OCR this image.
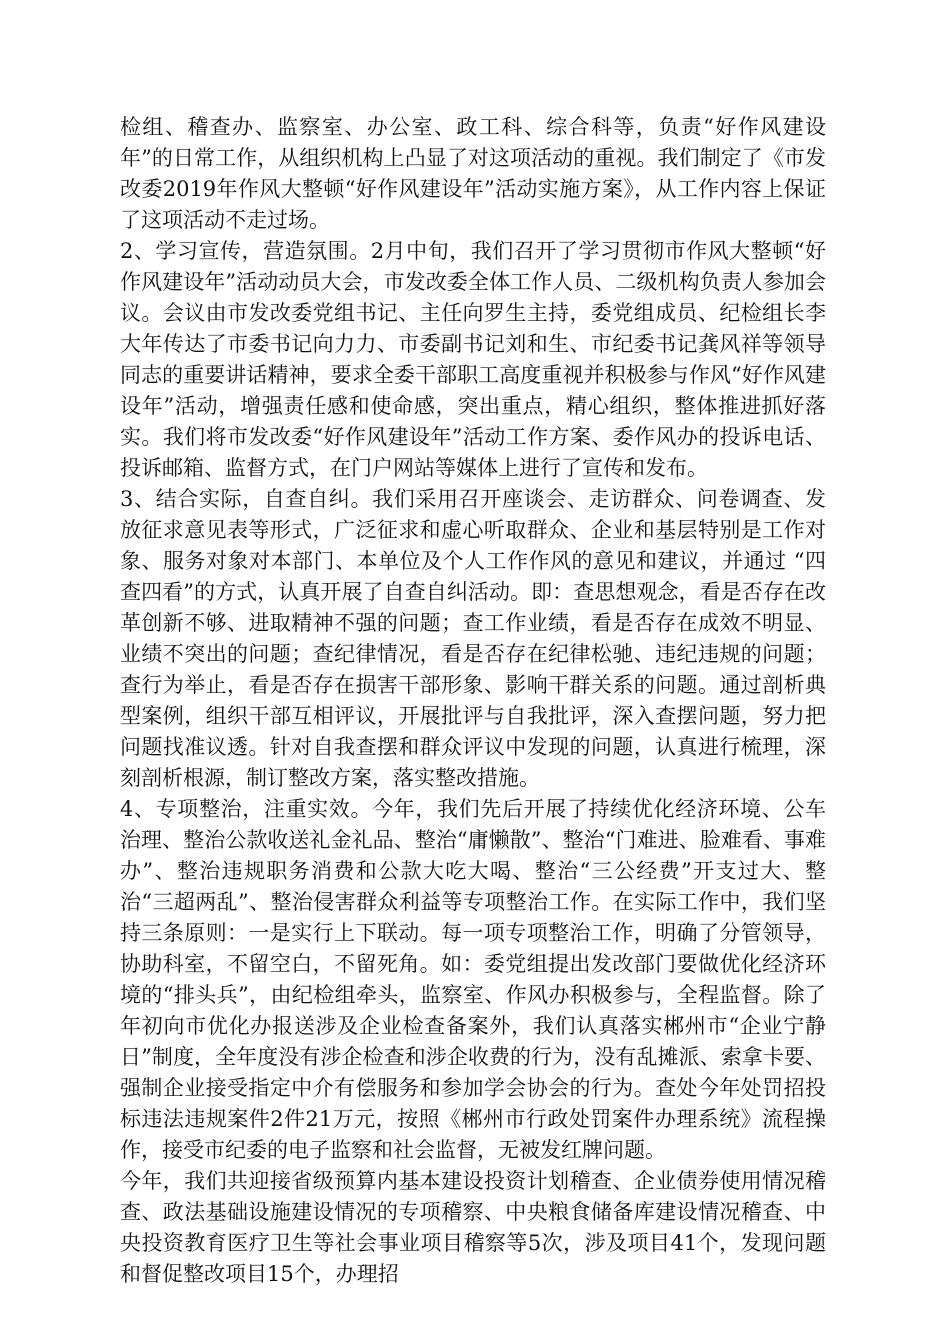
检组、稽查办、监察室、办公室、政工科、综合科等，负责“好作风建设年”的日常工作，从组织机构上凸显了对这项活动的重视。我们制定了《市发改委2019年作风大整顿“好作风建设年”活动实施方案》，从工作内容上保证了这项活动不走过场。

2、学习宣传，营造氛围。2月中旬，我们召开了学习贯彻市作风大整顿“好作风建设年”活动动员大会，市发改委全体工作人员、二级机构负责人参加会议。会议由市发改委党组书记、主任向罗生主持，委党组成员、纪检组长李大年传达了市委书记向力力、市委副书记刘和生、市纪委书记龚风祥等领导同志的重要讲话精神，要求全委干部职工高度重视并积极参与作风“好作风建设年”活动，增强责任感和使命感，突出重点，精心组织，整体推进抓好落实。我们将市发改委“好作风建设年”活动工作方案、委作风办的投诉电话、投诉邮箱、监督方式，在门户网站等媒体上进行了宣传和发布。

3、结合实际，自查自纠。我们采用召开座谈会、走访群众、问卷调查、发放征求意见表等形式，广泛征求和虚心听取群众、企业和基层特别是工作对象、服务对象对本部门、本单位及个人工作作风的意见和建议，并通过 “四查四看”的方式，认真开展了自查自纠活动。即：查思想观念，看是否存在改革创新不够、进取精神不强的问题；查工作业绩，看是否存在成效不明显、业绩不突出的问题；查纪律情况，看是否存在纪律松驰、违纪违规的问题；查行为举止，看是否存在损害干部形象、影响干群关系的问题。通过剖析典型案例，组织干部互相评议，开展批评与自我批评，深入查摆问题，努力把问题找准议透。针对自我查摆和群众评议中发现的问题，认真进行梳理，深刻剖析根源，制订整改方案，落实整改措施。

4、专项整治，注重实效。今年，我们先后开展了持续优化经济环境、公车治理、整治公款收送礼金礼品、整治“庸懒散”、整治“门难进、脸难看、事难办”、整治违规职务消费和公款大吃大喝、整治“三公经费”开支过大、整治“三超两乱”、整治侵害群众利益等专项整治工作。在实际工作中，我们坚持三条原则：一是实行上下联动。每一项专项整治工作，明确了分管领导，协助科室，不留空白，不留死角。如：委党组提出发改部门要做优化经济环境的“排头兵”，由纪检组牵头，监察室、作风办积极参与，全程监督。除了年初向市优化办报送涉及企业检查备案外，我们认真落实郴州市“企业宁静日”制度，全年度没有涉企检查和涉企收费的行为，没有乱摊派、索拿卡要、强制企业接受指定中介有偿服务和参加学会协会的行为。查处今年处罚招投标违法违规案件2件21万元，按照《郴州市行政处罚案件办理系统》流程操作，接受市纪委的电子监察和社会监督，无被发红牌问题。

今年，我们共迎接省级预算内基本建设投资计划稽查、企业债券使用情况稽查、政法基础设施建设情况的专项稽察、中央粮食储备库建设情况稽查、中央投资教育医疗卫生等社会事业项目稽察等5次，涉及项目41个，发现问题和督促整改项目15个，办理招
